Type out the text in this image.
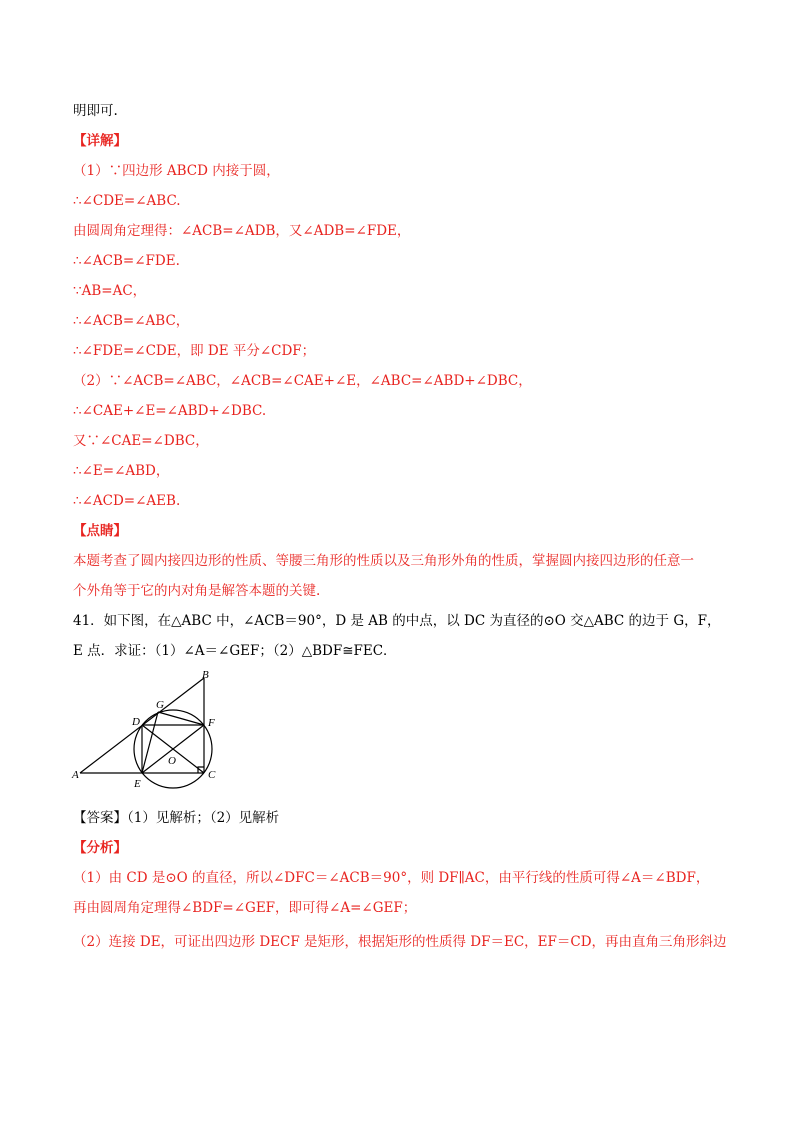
明即可.
【详解】
（1）∵四边形 ABCD 内接于圆，
∴∠CDE=∠ABC.
由圆周角定理得：∠ACB=∠ADB，又∠ADB=∠FDE，
∴∠ACB=∠FDE.
∵AB=AC，
∴∠ACB=∠ABC，
∴∠FDE=∠CDE，即 DE 平分∠CDF；
（2）∵∠ACB=∠ABC，∠ACB=∠CAE+∠E，∠ABC=∠ABD+∠DBC，
∴∠CAE+∠E=∠ABD+∠DBC.
又∵∠CAE=∠DBC，
∴∠E=∠ABD，
∴∠ACD=∠AEB.
【点睛】
本题考查了圆内接四边形的性质、等腰三角形的性质以及三角形外角的性质，掌握圆内接四边形的任意一
个外角等于它的内对角是解答本题的关键.
41．如下图，在△ABC 中，∠ACB＝90°，D 是 AB 的中点，以 DC 为直径的⊙O 交△ABC 的边于 G，F，
E 点．求证：（1）∠A＝∠GEF；（2）△BDF≅FEC．
B
G
D	F
O
A
E
C
【答案】（1）见解析；（2）见解析
【分析】
（1）由 CD 是⊙O 的直径，所以∠DFC＝∠ACB＝90°，则 DF∥AC，由平行线的性质可得∠A＝∠BDF，
再由圆周角定理得∠BDF=∠GEF，即可得∠A=∠GEF；
（2）连接 DE，可证出四边形 DECF 是矩形，根据矩形的性质得 DF＝EC，EF＝CD，再由直角三角形斜边
